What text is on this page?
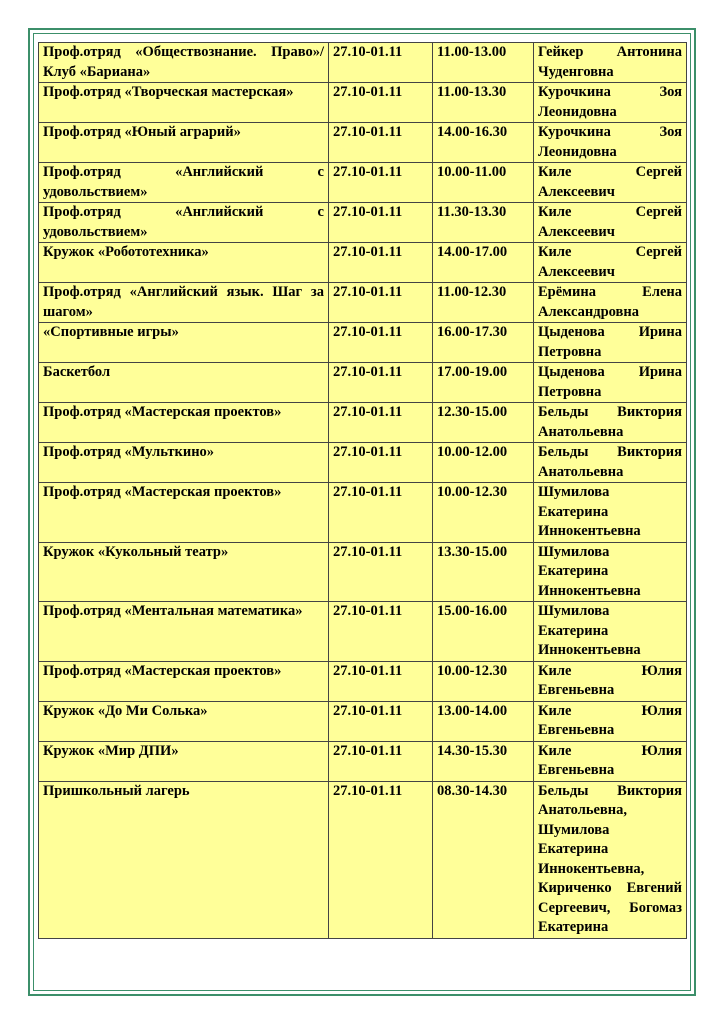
Проф.отряд «Обществознание. Право»/Клуб «Бариана»	27.10-01.11	11.00-13.00	Гейкер Антонина Чуденговна
Проф.отряд «Творческая мастерская»	27.10-01.11	11.00-13.30	Курочкина Зоя Леонидовна
Проф.отряд «Юный аграрий»	27.10-01.11	14.00-16.30	Курочкина Зоя Леонидовна
Проф.отряд «Английский с удовольствием»	27.10-01.11	10.00-11.00	Киле Сергей Алексеевич
Проф.отряд «Английский с удовольствием»	27.10-01.11	11.30-13.30	Киле Сергей Алексеевич
Кружок «Робототехника»	27.10-01.11	14.00-17.00	Киле Сергей Алексеевич
Проф.отряд «Английский язык. Шаг за шагом»	27.10-01.11	11.00-12.30	Ерёмина Елена Александровна
«Спортивные игры»	27.10-01.11	16.00-17.30	Цыденова Ирина Петровна
Баскетбол	27.10-01.11	17.00-19.00	Цыденова Ирина Петровна
Проф.отряд «Мастерская проектов»	27.10-01.11	12.30-15.00	Бельды Виктория Анатольевна
Проф.отряд «Мульткино»	27.10-01.11	10.00-12.00	Бельды Виктория Анатольевна
Проф.отряд «Мастерская проектов»	27.10-01.11	10.00-12.30	Шумилова Екатерина Иннокентьевна
Кружок «Кукольный театр»	27.10-01.11	13.30-15.00	Шумилова Екатерина Иннокентьевна
Проф.отряд «Ментальная математика»	27.10-01.11	15.00-16.00	Шумилова Екатерина Иннокентьевна
Проф.отряд «Мастерская проектов»	27.10-01.11	10.00-12.30	Киле Юлия Евгеньевна
Кружок «До Ми Солька»	27.10-01.11	13.00-14.00	Киле Юлия Евгеньевна
Кружок «Мир ДПИ»	27.10-01.11	14.30-15.30	Киле Юлия Евгеньевна
Пришкольный лагерь	27.10-01.11	08.30-14.30	Бельды Виктория Анатольевна, Шумилова Екатерина Иннокентьевна, Кириченко Евгений Сергеевич, Богомаз Екатерина
